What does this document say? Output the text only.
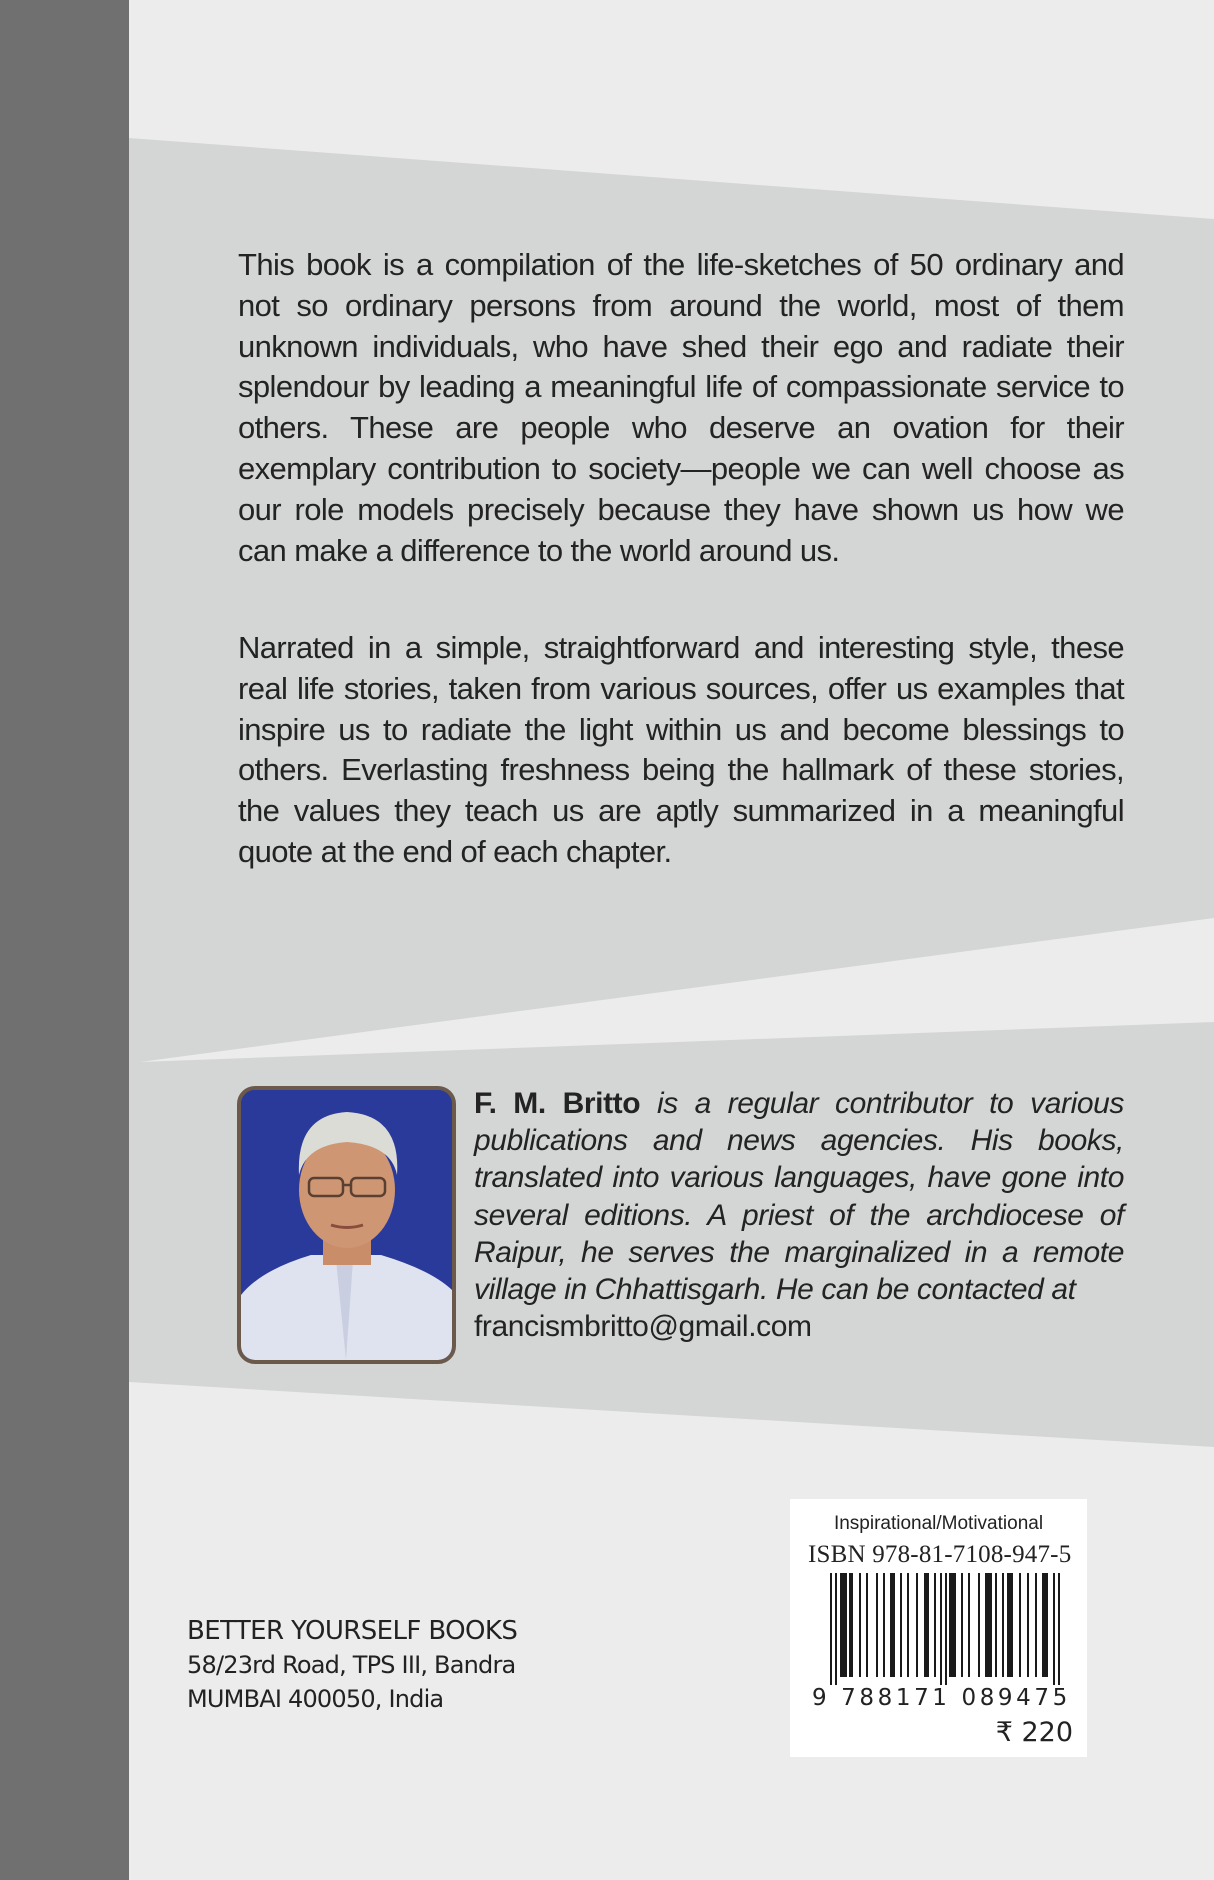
This book is a compilation of the life-sketches of 50 ordinary and not so ordinary persons from around the world, most of them unknown individuals, who have shed their ego and radiate their splendour by leading a meaningful life of compassionate service to others. These are people who deserve an ovation for their exemplary contribution to society—people we can well choose as our role models precisely because they have shown us how we can make a difference to the world around us.

Narrated in a simple, straightforward and interesting style, these real life stories, taken from various sources, offer us examples that inspire us to radiate the light within us and become blessings to others. Everlasting freshness being the hallmark of these stories, the values they teach us are aptly summarized in a meaningful quote at the end of each chapter.

F. M. Britto is a regular contributor to various publications and news agencies. His books, translated into various languages, have gone into several editions. A priest of the archdiocese of Raipur, he serves the marginalized in a remote village in Chhattisgarh. He can be contacted at
francismbritto@gmail.com
BETTER YOURSELF BOOKS
58/23rd Road, TPS III, Bandra
MUMBAI 400050, India
Inspirational/Motivational
ISBN 978-81-7108-947-5
9 788171 089475
₹ 220
